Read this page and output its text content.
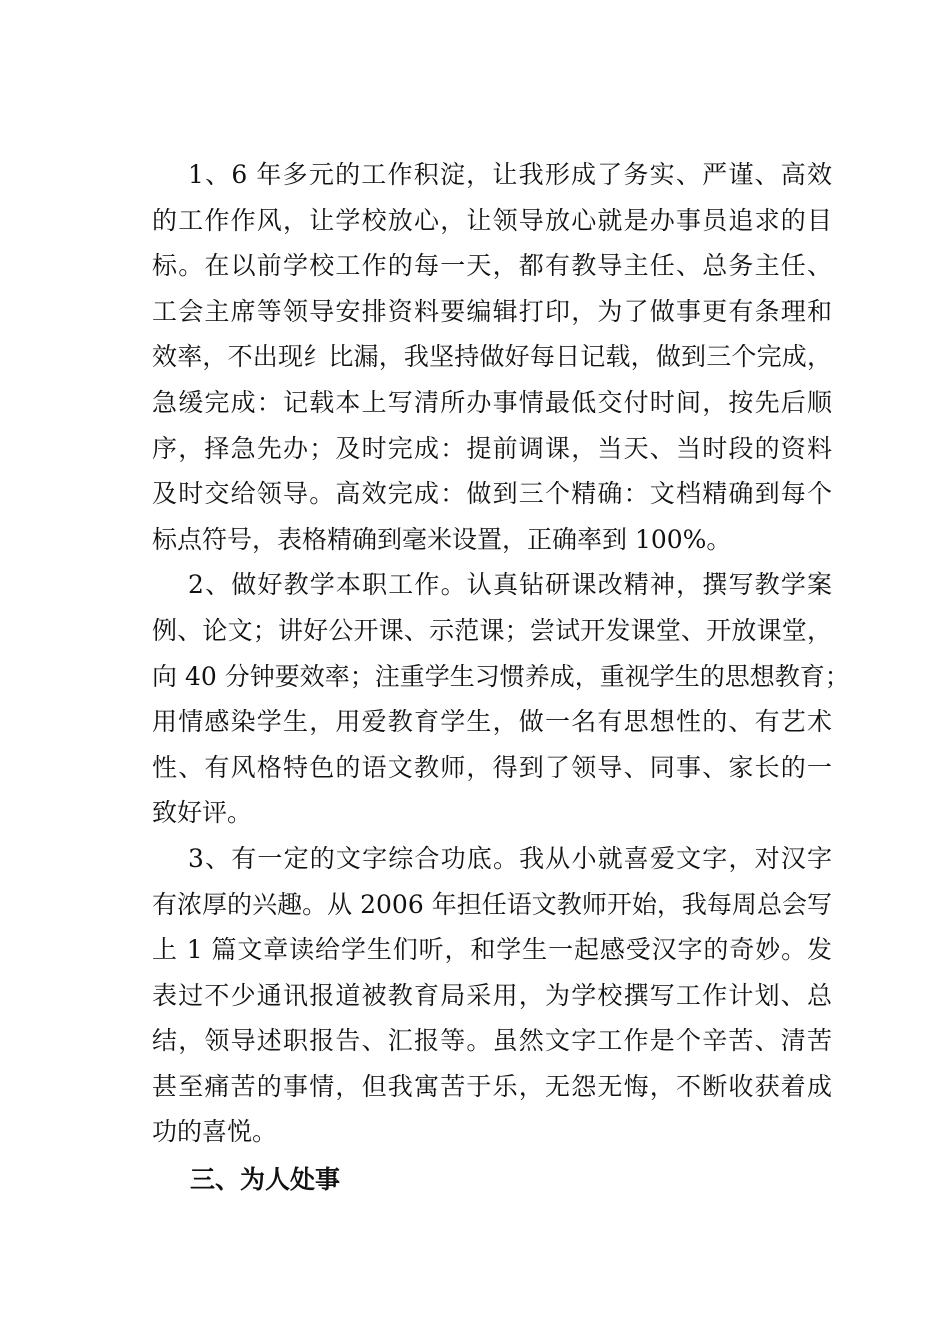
1、6 年多元的工作积淀，让我形成了务实、严谨、高效
的工作作风，让学校放心，让领导放心就是办事员追求的目
标。在以前学校工作的每一天，都有教导主任、总务主任、
工会主席等领导安排资料要编辑打印，为了做事更有条理和
效率，不出现纟比漏，我坚持做好每日记载，做到三个完成，
急缓完成：记载本上写清所办事情最低交付时间，按先后顺
序，择急先办；及时完成：提前调课，当天、当时段的资料
及时交给领导。高效完成：做到三个精确：文档精确到每个
标点符号，表格精确到毫米设置，正确率到 100%。
2、做好教学本职工作。认真钻研课改精神，撰写教学案
例、论文；讲好公开课、示范课；尝试开发课堂、开放课堂，
向 40 分钟要效率；注重学生习惯养成，重视学生的思想教育；
用情感染学生，用爱教育学生，做一名有思想性的、有艺术
性、有风格特色的语文教师，得到了领导、同事、家长的一
致好评。
3、有一定的文字综合功底。我从小就喜爱文字，对汉字
有浓厚的兴趣。从 2006 年担任语文教师开始，我每周总会写
上 1 篇文章读给学生们听，和学生一起感受汉字的奇妙。发
表过不少通讯报道被教育局采用，为学校撰写工作计划、总
结，领导述职报告、汇报等。虽然文字工作是个辛苦、清苦
甚至痛苦的事情，但我寓苦于乐，无怨无悔，不断收获着成
功的喜悦。
三、为人处事
